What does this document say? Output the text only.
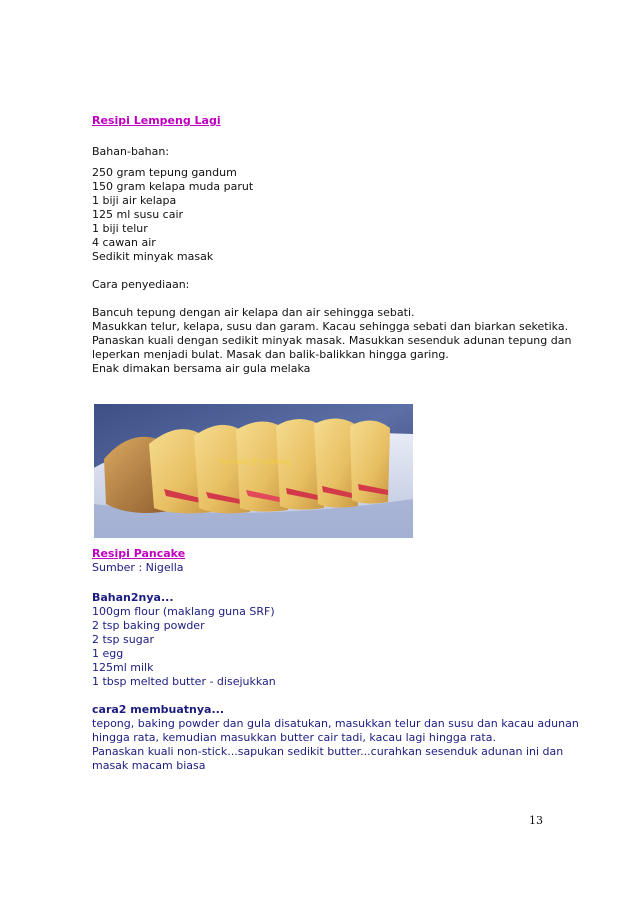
Resipi Lempeng Lagi
Bahan-bahan:
250 gram tepung gandum
150 gram kelapa muda parut
1 biji air kelapa
125 ml susu cair
1 biji telur
4 cawan air
Sedikit minyak masak
Cara penyediaan:
Bancuh tepung dengan air kelapa dan air sehingga sebati.
Masukkan telur, kelapa, susu dan garam. Kacau sehingga sebati dan biarkan seketika.
Panaskan kuali dengan sedikit minyak masak. Masukkan sesenduk adunan tepung dan
leperkan menjadi bulat. Masak dan balik-balikkan hingga garing.
Enak dimakan bersama air gula melaka
Pancake @ maklang
Resipi Pancake
Sumber : Nigella
Bahan2nya...
100gm flour (maklang guna SRF)
2 tsp baking powder
2 tsp sugar
1 egg
125ml milk
1 tbsp melted butter - disejukkan
cara2 membuatnya...
tepong, baking powder dan gula disatukan, masukkan telur dan susu dan kacau adunan
hingga rata, kemudian masukkan butter cair tadi, kacau lagi hingga rata.
Panaskan kuali non-stick...sapukan sedikit butter...curahkan sesenduk adunan ini dan
masak macam biasa
13
